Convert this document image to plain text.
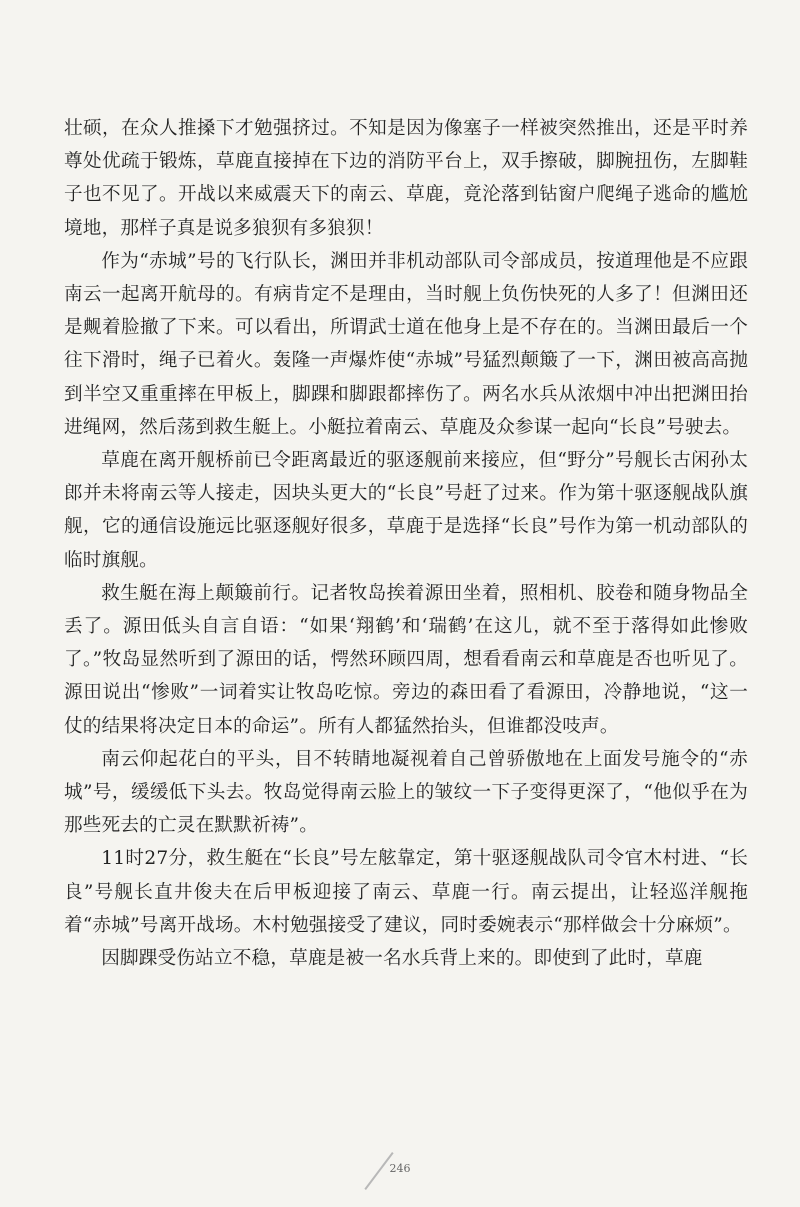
壮硕，在众人推搡下才勉强挤过。不知是因为像塞子一样被突然推出，还是平时养尊处优疏于锻炼，草鹿直接掉在下边的消防平台上，双手擦破，脚腕扭伤，左脚鞋子也不见了。开战以来威震天下的南云、草鹿，竟沦落到钻窗户爬绳子逃命的尴尬境地，那样子真是说多狼狈有多狼狈！

作为“赤城”号的飞行队长，渊田并非机动部队司令部成员，按道理他是不应跟南云一起离开航母的。有病肯定不是理由，当时舰上负伤快死的人多了！但渊田还是觍着脸撤了下来。可以看出，所谓武士道在他身上是不存在的。当渊田最后一个往下滑时，绳子已着火。轰隆一声爆炸使“赤城”号猛烈颠簸了一下，渊田被高高抛到半空又重重摔在甲板上，脚踝和脚跟都摔伤了。两名水兵从浓烟中冲出把渊田抬进绳网，然后荡到救生艇上。小艇拉着南云、草鹿及众参谋一起向“长良”号驶去。

草鹿在离开舰桥前已令距离最近的驱逐舰前来接应，但“野分”号舰长古闲孙太郎并未将南云等人接走，因块头更大的“长良”号赶了过来。作为第十驱逐舰战队旗舰，它的通信设施远比驱逐舰好很多，草鹿于是选择“长良”号作为第一机动部队的临时旗舰。

救生艇在海上颠簸前行。记者牧岛挨着源田坐着，照相机、胶卷和随身物品全丢了。源田低头自言自语：“如果‘翔鹤’和‘瑞鹤’在这儿，就不至于落得如此惨败了。”牧岛显然听到了源田的话，愕然环顾四周，想看看南云和草鹿是否也听见了。源田说出“惨败”一词着实让牧岛吃惊。旁边的森田看了看源田，冷静地说，“这一仗的结果将决定日本的命运”。所有人都猛然抬头，但谁都没吱声。

南云仰起花白的平头，目不转睛地凝视着自己曾骄傲地在上面发号施令的“赤城”号，缓缓低下头去。牧岛觉得南云脸上的皱纹一下子变得更深了，“他似乎在为那些死去的亡灵在默默祈祷”。

11时27分，救生艇在“长良”号左舷靠定，第十驱逐舰战队司令官木村进、“长良”号舰长直井俊夫在后甲板迎接了南云、草鹿一行。南云提出，让轻巡洋舰拖着“赤城”号离开战场。木村勉强接受了建议，同时委婉表示“那样做会十分麻烦”。

因脚踝受伤站立不稳，草鹿是被一名水兵背上来的。即使到了此时，草鹿

246
